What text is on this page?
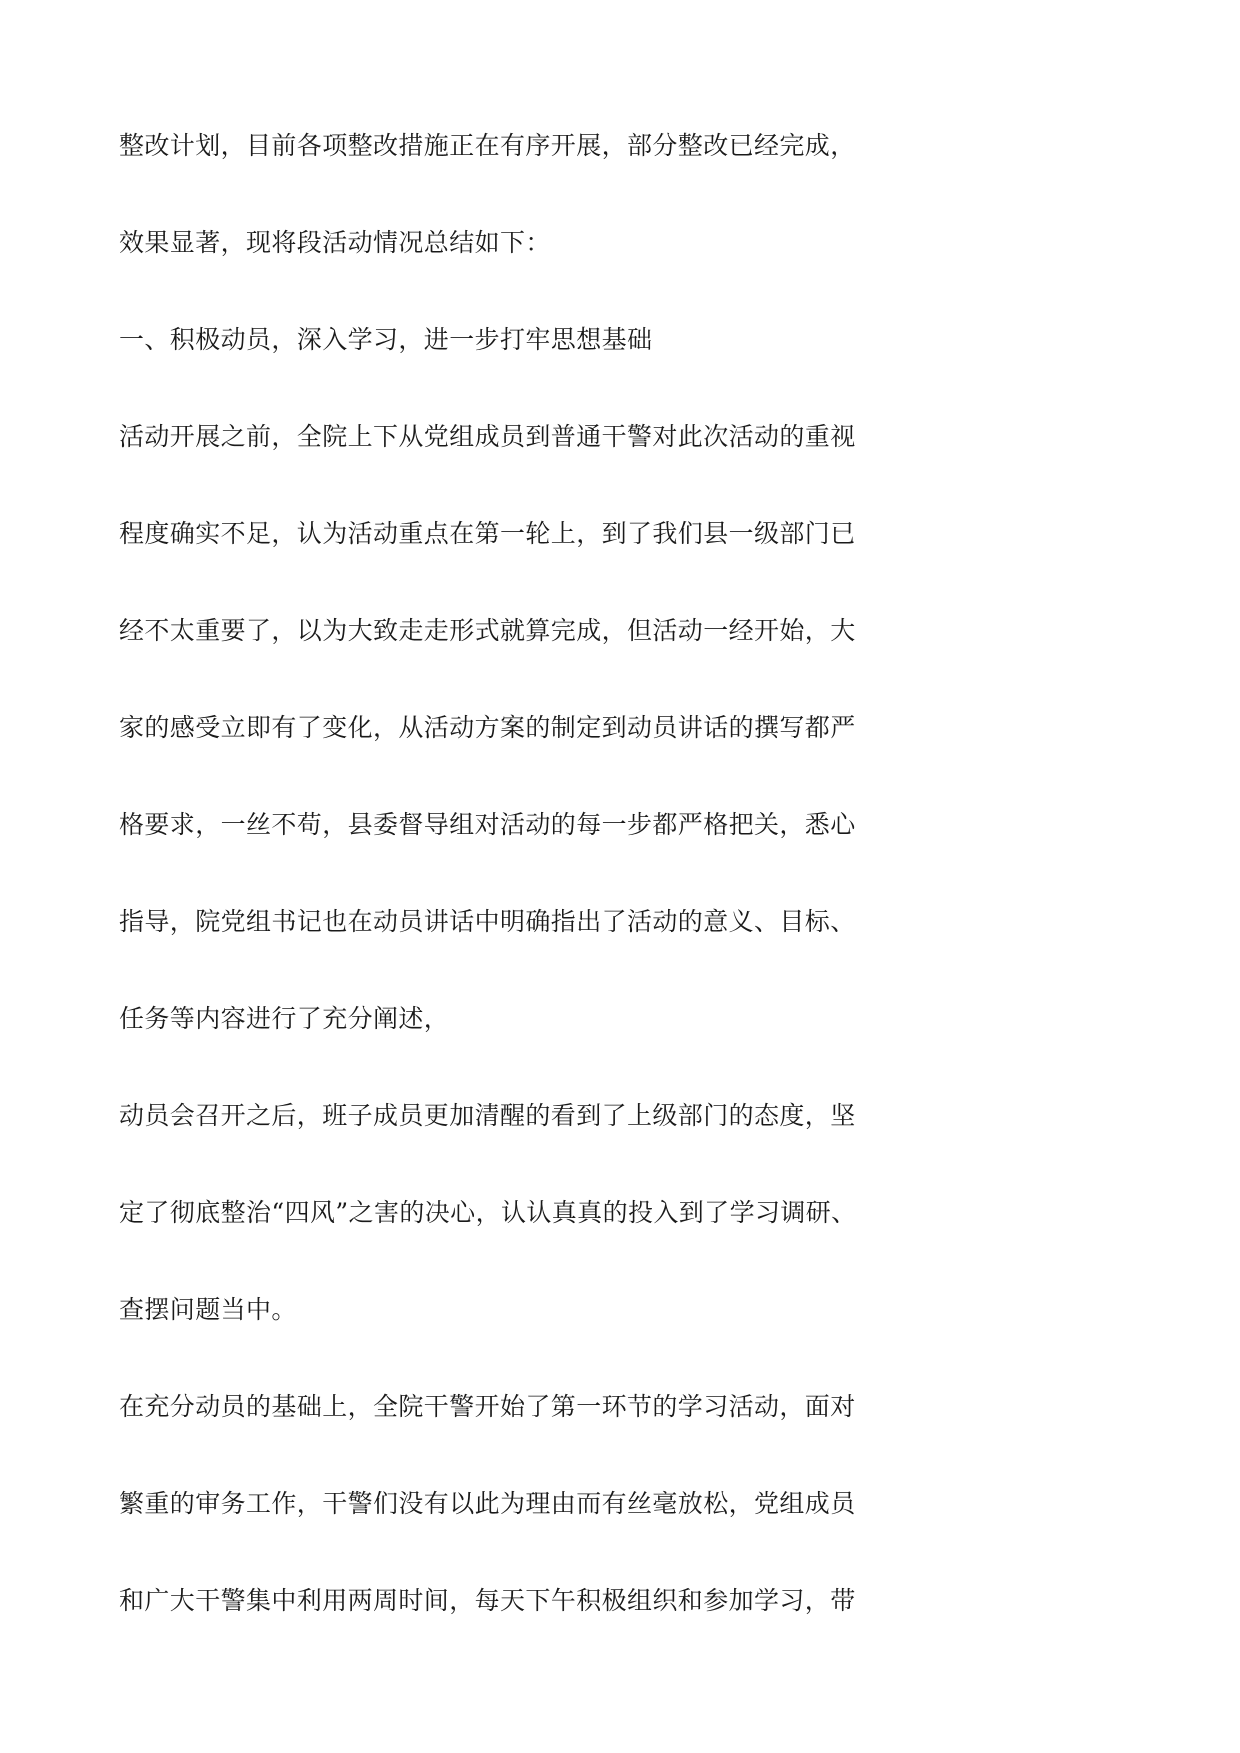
整改计划，目前各项整改措施正在有序开展，部分整改已经完成，

效果显著，现将段活动情况总结如下：

一、积极动员，深入学习，进一步打牢思想基础

活动开展之前，全院上下从党组成员到普通干警对此次活动的重视

程度确实不足，认为活动重点在第一轮上，到了我们县一级部门已

经不太重要了，以为大致走走形式就算完成，但活动一经开始，大

家的感受立即有了变化，从活动方案的制定到动员讲话的撰写都严

格要求，一丝不苟，县委督导组对活动的每一步都严格把关，悉心

指导，院党组书记也在动员讲话中明确指出了活动的意义、目标、

任务等内容进行了充分阐述，

动员会召开之后，班子成员更加清醒的看到了上级部门的态度，坚

定了彻底整治“四风”之害的决心，认认真真的投入到了学习调研、

查摆问题当中。

在充分动员的基础上，全院干警开始了第一环节的学习活动，面对

繁重的审务工作，干警们没有以此为理由而有丝毫放松，党组成员

和广大干警集中利用两周时间，每天下午积极组织和参加学习，带
